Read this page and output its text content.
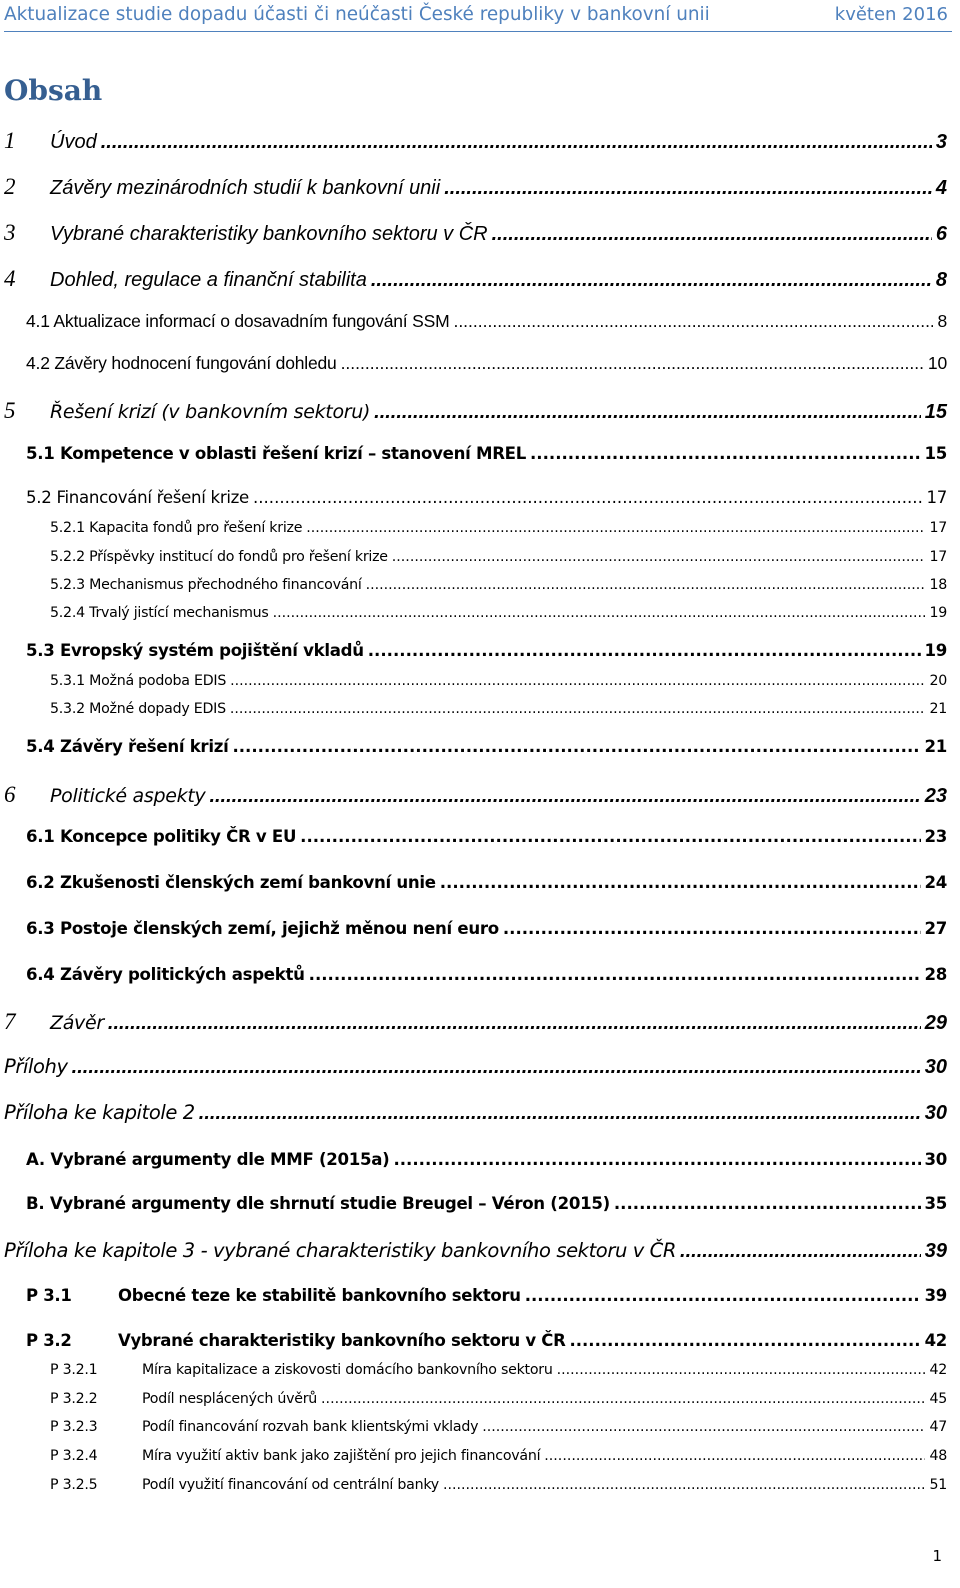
Aktualizace studie dopadu účasti či neúčasti České republiky v bankovní unii	květen 2016
Obsah
1	Úvod .....	3
2	Závěry mezinárodních studií k bankovní unii .....	4
3	Vybrané charakteristiky bankovního sektoru v ČR .....	6
4	Dohled, regulace a finanční stabilita .....	8
4.1 Aktualizace informací o dosavadním fungování SSM .....	8
4.2 Závěry hodnocení fungování dohledu .....	10
5	Řešení krizí (v bankovním sektoru) .....	15
5.1 Kompetence v oblasti řešení krizí – stanovení MREL .....	15
5.2 Financování řešení krize .....	17
5.2.1 Kapacita fondů pro řešení krize .....	17
5.2.2 Příspěvky institucí do fondů pro řešení krize .....	17
5.2.3 Mechanismus přechodného financování .....	18
5.2.4 Trvalý jistící mechanismus .....	19
5.3 Evropský systém pojištění vkladů .....	19
5.3.1 Možná podoba EDIS .....	20
5.3.2 Možné dopady EDIS .....	21
5.4 Závěry řešení krizí .....	21
6	Politické aspekty .....	23
6.1 Koncepce politiky ČR v EU .....	23
6.2 Zkušenosti členských zemí bankovní unie .....	24
6.3 Postoje členských zemí, jejichž měnou není euro .....	27
6.4 Závěry politických aspektů .....	28
7	Závěr .....	29
Přílohy .....	30
Příloha ke kapitole 2 .....	30
A. Vybrané argumenty dle MMF (2015a) .....	30
B. Vybrané argumenty dle shrnutí studie Breugel – Véron (2015) .....	35
Příloha ke kapitole 3 - vybrané charakteristiky bankovního sektoru v ČR .....	39
P 3.1	Obecné teze ke stabilitě bankovního sektoru .....	39
P 3.2	Vybrané charakteristiky bankovního sektoru v ČR .....	42
P 3.2.1	Míra kapitalizace a ziskovosti domácího bankovního sektoru .....	42
P 3.2.2	Podíl nesplácených úvěrů .....	45
P 3.2.3	Podíl financování rozvah bank klientskými vklady .....	47
P 3.2.4	Míra využití aktiv bank jako zajištění pro jejich financování .....	48
P 3.2.5	Podíl využití financování od centrální banky .....	51
1
